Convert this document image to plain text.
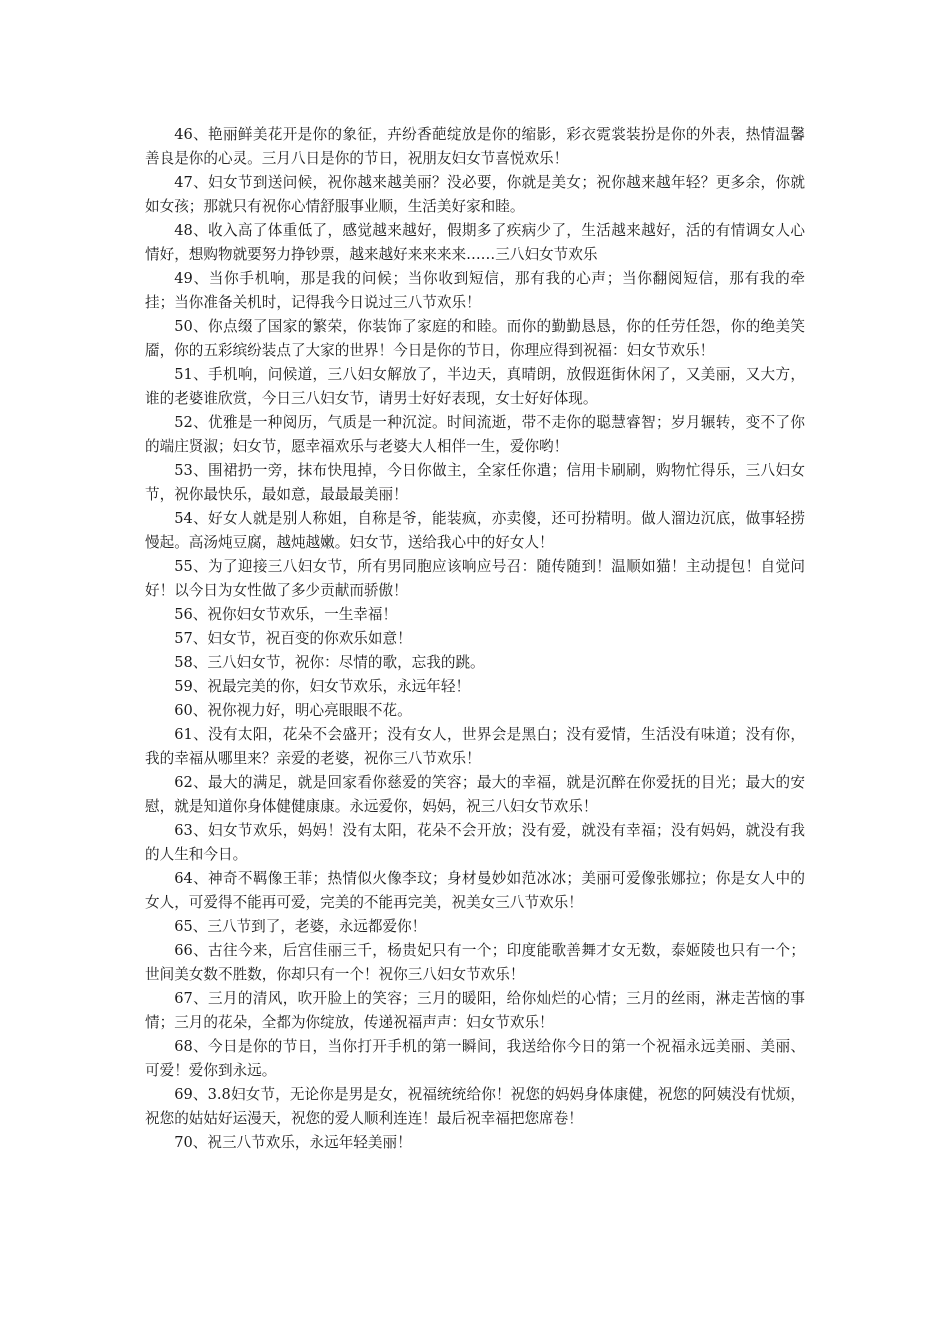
46、艳丽鲜美花开是你的象征，卉纷香葩绽放是你的缩影，彩衣霓裳装扮是你的外表，热情温馨善良是你的心灵。三月八日是你的节日，祝朋友妇女节喜悦欢乐！

47、妇女节到送问候，祝你越来越美丽？没必要，你就是美女；祝你越来越年轻？更多余，你就如女孩；那就只有祝你心情舒服事业顺，生活美好家和睦。

48、收入高了体重低了，感觉越来越好，假期多了疾病少了，生活越来越好，活的有情调女人心情好，想购物就要努力挣钞票，越来越好来来来来……三八妇女节欢乐

49、当你手机响，那是我的问候；当你收到短信，那有我的心声；当你翻阅短信，那有我的牵挂；当你准备关机时，记得我今日说过三八节欢乐！

50、你点缀了国家的繁荣，你装饰了家庭的和睦。而你的勤勤恳恳，你的任劳任怨，你的绝美笑靥，你的五彩缤纷装点了大家的世界！今日是你的节日，你理应得到祝福：妇女节欢乐！

51、手机响，问候道，三八妇女解放了，半边天，真晴朗，放假逛街休闲了，又美丽，又大方，谁的老婆谁欣赏，今日三八妇女节，请男士好好表现，女士好好体现。

52、优雅是一种阅历，气质是一种沉淀。时间流逝，带不走你的聪慧睿智；岁月辗转，变不了你的端庄贤淑；妇女节，愿幸福欢乐与老婆大人相伴一生，爱你哟！

53、围裙扔一旁，抹布快甩掉，今日你做主，全家任你遣；信用卡刷刷，购物忙得乐，三八妇女节，祝你最快乐，最如意，最最最美丽！

54、好女人就是别人称姐，自称是爷，能装疯，亦卖傻，还可扮精明。做人溜边沉底，做事轻捞慢起。高汤炖豆腐，越炖越嫩。妇女节，送给我心中的好女人！

55、为了迎接三八妇女节，所有男同胞应该响应号召：随传随到！温顺如猫！主动提包！自觉问好！以今日为女性做了多少贡献而骄傲！

56、祝你妇女节欢乐，一生幸福！

57、妇女节，祝百变的你欢乐如意！

58、三八妇女节，祝你：尽情的歌，忘我的跳。

59、祝最完美的你，妇女节欢乐，永远年轻！

60、祝你视力好，明心亮眼眼不花。

61、没有太阳，花朵不会盛开；没有女人，世界会是黑白；没有爱情，生活没有味道；没有你，我的幸福从哪里来？亲爱的老婆，祝你三八节欢乐！

62、最大的满足，就是回家看你慈爱的笑容；最大的幸福，就是沉醉在你爱抚的目光；最大的安慰，就是知道你身体健健康康。永远爱你，妈妈，祝三八妇女节欢乐！

63、妇女节欢乐，妈妈！没有太阳，花朵不会开放；没有爱，就没有幸福；没有妈妈，就没有我的人生和今日。

64、神奇不羁像王菲；热情似火像李玟；身材曼妙如范冰冰；美丽可爱像张娜拉；你是女人中的女人，可爱得不能再可爱，完美的不能再完美，祝美女三八节欢乐！

65、三八节到了，老婆，永远都爱你！

66、古往今来，后宫佳丽三千，杨贵妃只有一个；印度能歌善舞才女无数，泰姬陵也只有一个；世间美女数不胜数，你却只有一个！祝你三八妇女节欢乐！

67、三月的清风，吹开脸上的笑容；三月的暖阳，给你灿烂的心情；三月的丝雨，淋走苦恼的事情；三月的花朵，全都为你绽放，传递祝福声声：妇女节欢乐！

68、今日是你的节日，当你打开手机的第一瞬间，我送给你今日的第一个祝福永远美丽、美丽、可爱！爱你到永远。

69、3.8妇女节，无论你是男是女，祝福统统给你！祝您的妈妈身体康健，祝您的阿姨没有忧烦，祝您的姑姑好运漫天，祝您的爱人顺利连连！最后祝幸福把您席卷！

70、祝三八节欢乐，永远年轻美丽！
